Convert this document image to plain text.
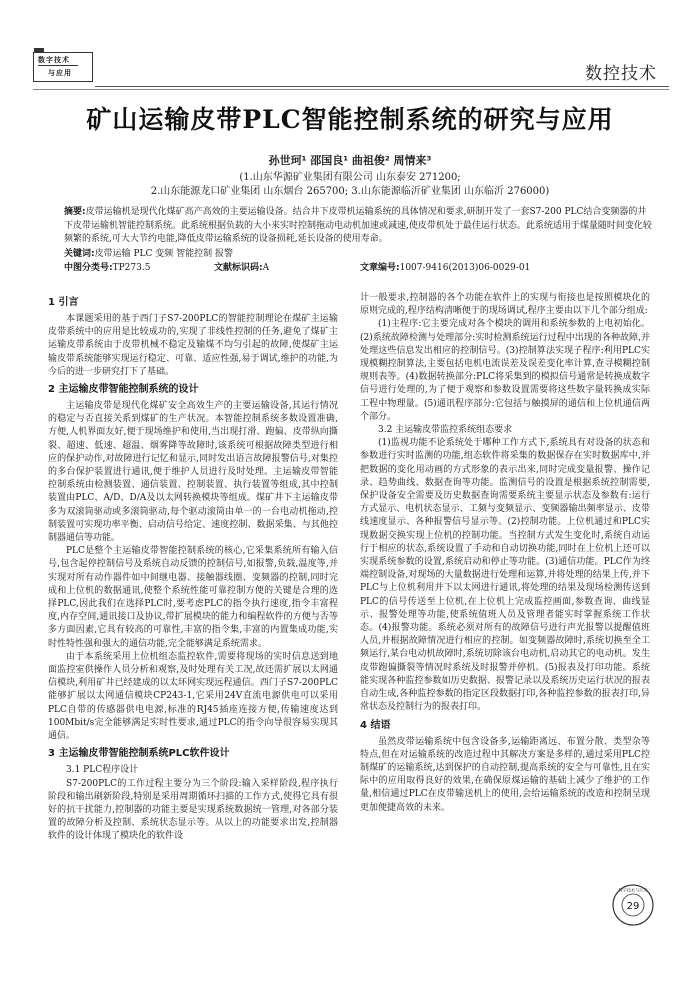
数字技术
与应用	数控技术
矿山运输皮带PLC智能控制系统的研究与应用
孙世珂¹ 邵国良¹ 曲祖俊² 周情来³
(1.山东华源矿业集团有限公司 山东泰安 271200;
2.山东能源龙口矿业集团 山东烟台 265700; 3.山东能源临沂矿业集团 山东临沂 276000)
摘要:皮带运输机是现代化煤矿高产高效的主要运输设备。结合井下皮带机运输系统的具体情况和要求,研制开发了一套S7-200 PLC结合变频器的井下皮带运输机智能控制系统。此系统根据负载的大小来实时控制拖动电动机加速或减速,使皮带机处于最佳运行状态。此系统适用于煤量随时间变化较频繁的系统,可大大节约电能,降低皮带运输系统的设备损耗,延长设备的使用寿命。
关键词:皮带运输 PLC 变频 智能控制 报警
中图分类号:TP273.5	文献标识码:A	文章编号:1007-9416(2013)06-0029-01
1 引言

本课题采用的基于西门子S7-200PLC的智能控制理论在煤矿主运输皮带系统中的应用是比较成功的,实现了非线性控制的任务,避免了煤矿主运输皮带系统由于皮带机械不稳定及输煤不均匀引起的故障,使煤矿主运输皮带系统能够实现运行稳定、可靠、适应性强,易于调试,维护的功能,为今后的进一步研究打下了基础。

2 主运输皮带智能控制系统的设计

主运输皮带是现代化煤矿安全高效生产的主要运输设备,其运行情况的稳定与否直接关系到煤矿的生产状况。本智能控制系统多数设置准确,方便,人机界面友好,便于现场维护和使用,当出现打滑、跑偏、皮带纵向撕裂、超速、低速、超温、烟雾降等故障时,该系统可根据故障类型进行相应的保护动作,对故障进行记忆和显示,同时发出语言故障报警信号,对集控的多台保护装置进行通讯,便于维护人员进行及时处理。主运输皮带智能控制系统由检测装置、通信装置、控制装置、执行装置等组成,其中控制装置由PLC、A/D、D/A及以太网转换模块等组成。煤矿井下主运输皮带多为双滚筒驱动或多滚筒驱动,每个驱动滚筒由单一的一台电动机拖动,控制装置可实现功率平衡、启动信号给定、速度控制、数据采集、与其他控制器通信等功能。

PLC是整个主运输皮带智能控制系统的核心,它采集系统所有输入信号,包含起停控制信号及系统自动反馈的控制信号,如报警,负载,温度等,并实现对所有动作器件如中间继电器、接触器线圈、变频器的控制,同时完成和上位机的数据通讯,使整个系统性能可靠控制方便的关键是合理的选择PLC,因此我们在选择PLC时,要考虑PLC的指令执行速度,指令丰富程度,内存空间,通讯接口及协议,带扩展模块的能力和编程软件的方便与否等多方面因素,它具有较高的可靠性,丰富的指令集,丰富的内置集成功能,实时性特性强和强大的通信功能,完全能够满足系统需求。

由于本系统采用上位机组态监控软件,需要将现场的实时信息送到地面监控室供操作人员分析和观察,及时处理有关工况,故还需扩展以太网通信模块,利用矿井已经建成的以太环网实现远程通信。西门子S7-200PLC能够扩展以太网通信模块CP243-1,它采用24V直流电源供电可以采用PLC自带的传感器供电电源,标准的RJ45插座连接方便,传输速度达到100Mbit/s完全能够满足实时性要求,通过PLC的指令向导很容易实现其通信。

3 主运输皮带智能控制系统PLC软件设计
3.1 PLC程序设计

S7-200PLC的工作过程主要分为三个阶段:输入采样阶段,程序执行阶段和输出刷新阶段,特别是采用周期循环扫描的工作方式,使得它具有很好的抗干扰能力,控制器的功能主要是实现系统数据统一管理,对各部分装置的故障分析及控制、系统状态显示等。从以上的功能要求出发,控制器软件的设计体现了模块化的软件设

计一般要求,控制器的各个功能在软件上的实现与衔接也是按照模块化的原则完成的,程序结构清晰便于的现场调试,程序主要由以下几个部分组成:

(1)主程序:它主要完成对各个模块的调用和系统参数的上电初始化。(2)系统故障检测与处理部分:实时检测系统运行过程中出现的各种故障,并处理这些信息发出相应的控制信号。(3)控制算法实现子程序:利用PLC实现模糊控制算法,主要包括电机电流误差及误差变化率计算,查寻模糊控制规则表等。(4)数据转换部分:PLC将采集到的模拟信号通常是转换成数字信号进行处理的,为了便于观察和参数设置需要将这些数字量转换成实际工程中物理量。(5)通讯程序部分:它包括与触摸屏的通信和上位机通信两个部分。

3.2 主运输皮带监控系统组态要求

(1)监视功能不论系统处于哪种工作方式下,系统具有对设备的状态和参数进行实时监测的功能,组态软件将采集的数据保存在实时数据库中,并把数据的变化用动画的方式形象的表示出来,同时完成变量报警、操作记录、趋势曲线、数据查询等功能。监测信号的设置是根据系统控制需要,保护设备安全需要及历史数据查询需要系统主要显示状态及参数有:运行方式显示、电机状态显示、工频与变频显示、变频器输出频率显示、皮带线速度显示、各种报警信号显示等。(2)控制功能。上位机通过和PLC实现数据交换实现上位机的控制功能。当控制方式发生变化时,系统自动运行于相应的状态,系统设置了手动和自动切换功能,同时在上位机上还可以实现系统参数的设置,系统启动和停止等功能。(3)通信功能。PLC作为终端控制设备,对现场的大量数据进行处理和运算,并将处理的结果上传,并下PLC与上位机利用并下以太网进行通讯,将处理的结果及现场检测传送到PLC的信号传送至上位机,在上位机上完成监控画面,参数查询、曲线显示、报警处理等功能,使系统值班人员及管理者能实时掌握系统工作状态。(4)报警功能。系统必须对所有的故障信号进行声光报警以提醒值班人员,并根据故障情况进行相应的控制。如变频器故障时,系统切换至全工频运行,某台电动机故障时,系统切除该台电动机,启动其它的电动机。发生皮带跑偏撕裂等情况时系统及时报警并停机。(5)报表及打印功能。系统能实现各种监控参数如历史数据、报警记录以及系统历史运行状况的报表自动生成,各种监控参数的指定区段数据打印,各种监控参数的报表打印,异常状态及控制行为的报表打印。

4 结语

虽然皮带运输系统中包含设备多,运输距离远、布置分散、类型杂等特点,但在对运输系统的改造过程中其解决方案是多样的,通过采用PLC控制煤矿的运输系统,达到保护的自动控制,提高系统的安全与可靠性,且在实际中的应用取得良好的效果,在确保原煤运输的基础上减少了维护的工作量,相信通过PLC在皮带输送机上的使用,会给运输系统的改造和控制呈现更加便捷高效的未来。

数字技术与应用
29
